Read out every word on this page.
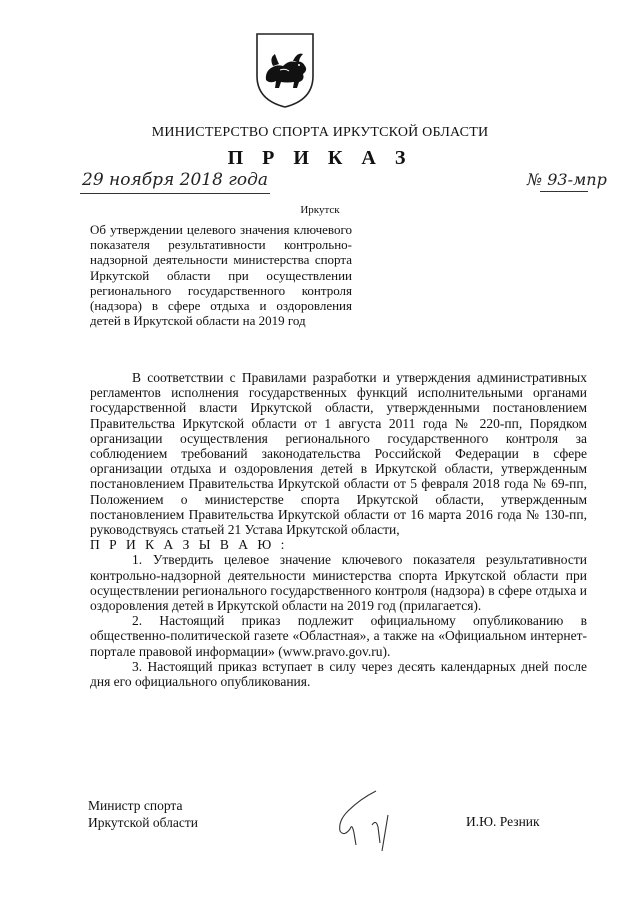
МИНИСТЕРСТВО СПОРТА ИРКУТСКОЙ ОБЛАСТИ
П Р И К А З
29 ноября 2018 года	№ 93-мпр
Иркутск
Об утверждении целевого значения ключевого показателя результативности контрольно-надзорной деятельности министерства спорта Иркутской области при осуществлении регионального государственного контроля (надзора) в сфере отдыха и оздоровления детей в Иркутской области на 2019 год

В соответствии с Правилами разработки и утверждения административных регламентов исполнения государственных функций исполнительными органами государственной власти Иркутской области, утвержденными постановлением Правительства Иркутской области от 1 августа 2011 года № 220-пп, Порядком организации осуществления регионального государственного контроля за соблюдением требований законодательства Российской Федерации в сфере организации отдыха и оздоровления детей в Иркутской области, утвержденным постановлением Правительства Иркутской области от 5 февраля 2018 года № 69-пп, Положением о министерстве спорта Иркутской области, утвержденным постановлением Правительства Иркутской области от 16 марта 2016 года № 130-пп, руководствуясь статьей 21 Устава Иркутской области,

П Р И К А З Ы В А Ю :

1. Утвердить целевое значение ключевого показателя результативности контрольно-надзорной деятельности министерства спорта Иркутской области при осуществлении регионального государственного контроля (надзора) в сфере отдыха и оздоровления детей в Иркутской области на 2019 год (прилагается).

2. Настоящий приказ подлежит официальному опубликованию в общественно-политической газете «Областная», а также на «Официальном интернет-портале правовой информации» (www.pravo.gov.ru).

3. Настоящий приказ вступает в силу через десять календарных дней после дня его официального опубликования.

Министр спорта
Иркутской области	И.Ю. Резник
